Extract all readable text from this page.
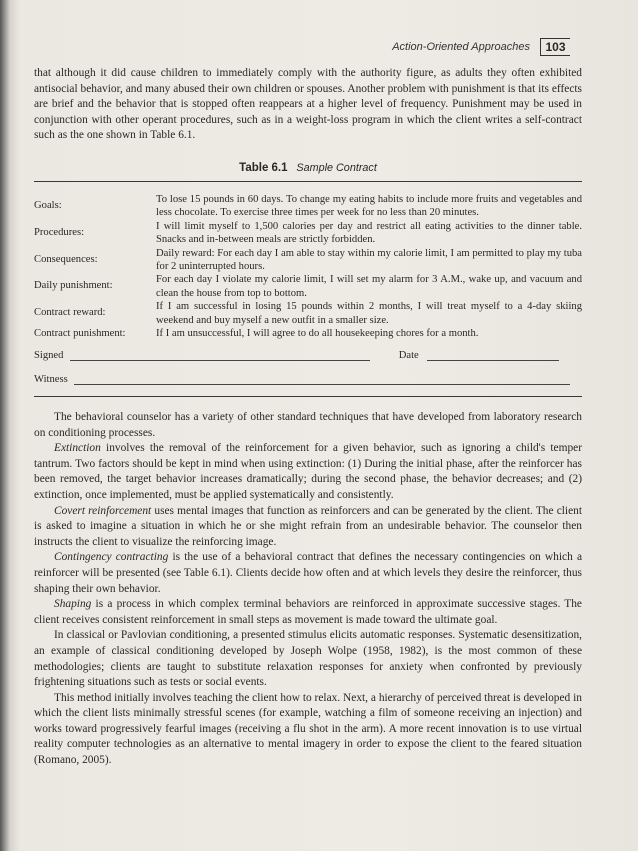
Action-Oriented Approaches	103

that although it did cause children to immediately comply with the authority figure, as adults they often exhibited antisocial behavior, and many abused their own children or spouses. Another problem with punishment is that its effects are brief and the behavior that is stopped often reappears at a higher level of frequency. Punishment may be used in conjunction with other operant procedures, such as in a weight-loss program in which the client writes a self-contract such as the one shown in Table 6.1.

Table 6.1 Sample Contract
Goals:
To lose 15 pounds in 60 days. To change my eating habits to include more fruits and vegetables and less chocolate. To exercise three times per week for no less than 20 minutes.
Procedures:
I will limit myself to 1,500 calories per day and restrict all eating activities to the dinner table. Snacks and in-between meals are strictly forbidden.
Consequences:
Daily reward: For each day I am able to stay within my calorie limit, I am permitted to play my tuba for 2 uninterrupted hours.
Daily punishment:
For each day I violate my calorie limit, I will set my alarm for 3 A.M., wake up, and vacuum and clean the house from top to bottom.
Contract reward:
If I am successful in losing 15 pounds within 2 months, I will treat myself to a 4-day skiing weekend and buy myself a new outfit in a smaller size.
Contract punishment:	If I am unsuccessful, I will agree to do all housekeeping chores for a month.
Signed	Date
Witness

The behavioral counselor has a variety of other standard techniques that have developed from laboratory research on conditioning processes.

Extinction involves the removal of the reinforcement for a given behavior, such as ignoring a child's temper tantrum. Two factors should be kept in mind when using extinction: (1) During the initial phase, after the reinforcer has been removed, the target behavior increases dramatically; during the second phase, the behavior decreases; and (2) extinction, once implemented, must be applied systematically and consistently.

Covert reinforcement uses mental images that function as reinforcers and can be generated by the client. The client is asked to imagine a situation in which he or she might refrain from an undesirable behavior. The counselor then instructs the client to visualize the reinforcing image.

Contingency contracting is the use of a behavioral contract that defines the necessary contingencies on which a reinforcer will be presented (see Table 6.1). Clients decide how often and at which levels they desire the reinforcer, thus shaping their own behavior.

Shaping is a process in which complex terminal behaviors are reinforced in approximate successive stages. The client receives consistent reinforcement in small steps as movement is made toward the ultimate goal.

In classical or Pavlovian conditioning, a presented stimulus elicits automatic responses. Systematic desensitization, an example of classical conditioning developed by Joseph Wolpe (1958, 1982), is the most common of these methodologies; clients are taught to substitute relaxation responses for anxiety when confronted by previously frightening situations such as tests or social events.

This method initially involves teaching the client how to relax. Next, a hierarchy of perceived threat is developed in which the client lists minimally stressful scenes (for example, watching a film of someone receiving an injection) and works toward progressively fearful images (receiving a flu shot in the arm). A more recent innovation is to use virtual reality computer technologies as an alternative to mental imagery in order to expose the client to the feared situation (Romano, 2005).
